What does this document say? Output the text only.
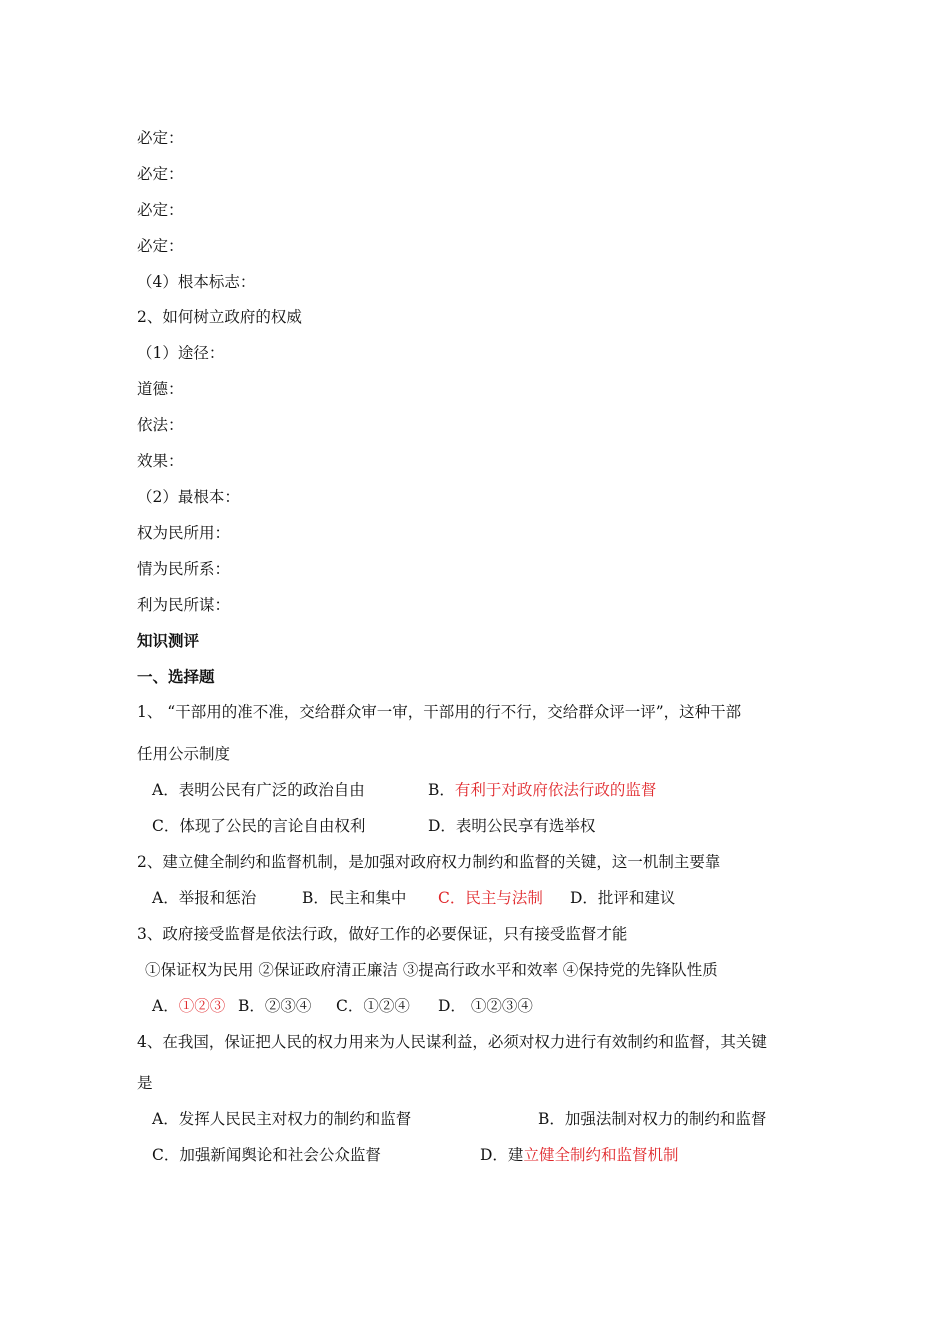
必定：
必定：
必定：
必定：
（4）根本标志：
2、如何树立政府的权威
（1）途径：
道德：
依法：
效果：
（2）最根本：
权为民所用：
情为民所系：
利为民所谋：
知识测评
一、选择题
1、 “干部用的准不准，交给群众审一审，干部用的行不行，交给群众评一评”，这种干部
任用公示制度
A．表明公民有广泛的政治自由	B．有利于对政府依法行政的监督
C．体现了公民的言论自由权利	D．表明公民享有选举权
2、建立健全制约和监督机制，是加强对政府权力制约和监督的关键，这一机制主要靠
A．举报和惩治	B．民主和集中 C．民主与法制 D．批评和建议
3、政府接受监督是依法行政，做好工作的必要保证，只有接受监督才能
①保证权为民用 ②保证政府清正廉洁 ③提高行政水平和效率 ④保持党的先锋队性质
A．①②③ B．②③④ C．①②④ D． ①②③④
4、在我国，保证把人民的权力用来为人民谋利益，必须对权力进行有效制约和监督，其关键
是
A．发挥人民民主对权力的制约和监督	B．加强法制对权力的制约和监督
C．加强新闻舆论和社会公众监督	D．建立健全制约和监督机制
